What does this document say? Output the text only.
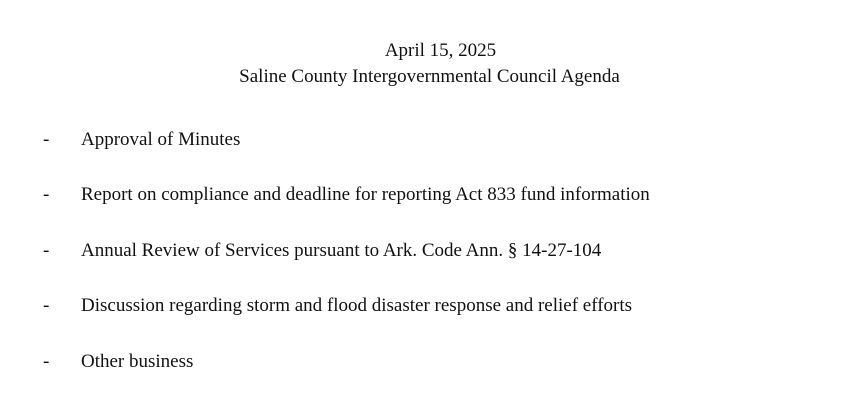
April 15, 2025
Saline County Intergovernmental Council Agenda
- Approval of Minutes
- Report on compliance and deadline for reporting Act 833 fund information
- Annual Review of Services pursuant to Ark. Code Ann. § 14-27-104
- Discussion regarding storm and flood disaster response and relief efforts
- Other business
